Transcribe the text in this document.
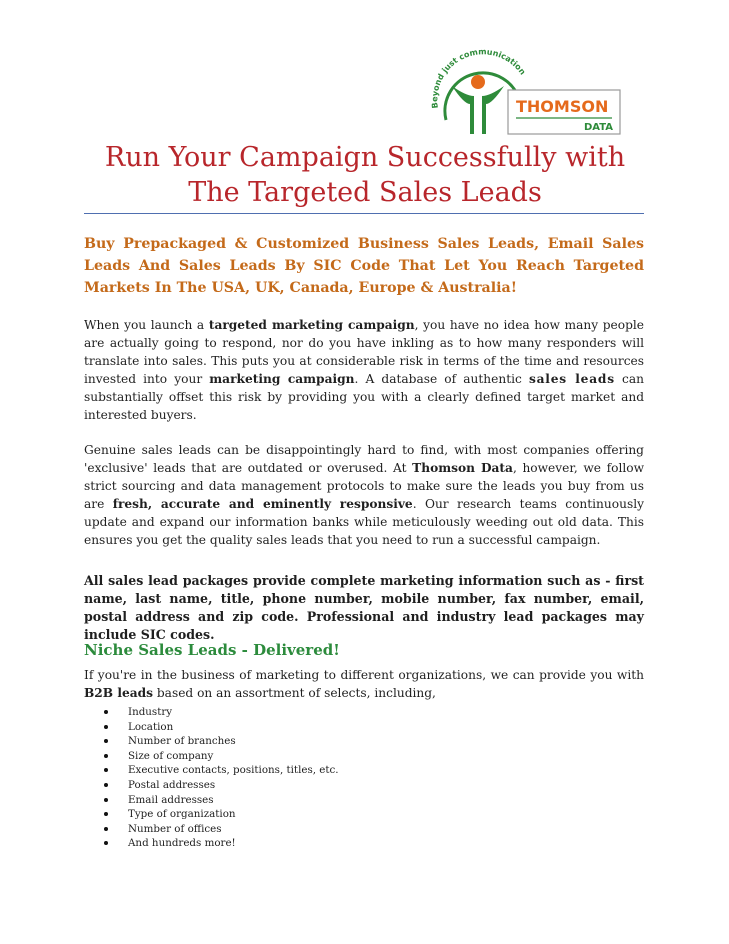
Beyond just communication
THOMSON
DATA
Run Your Campaign Successfully with
The Targeted Sales Leads
Buy Prepackaged & Customized Business Sales Leads, Email Sales Leads And Sales Leads By SIC Code That Let You Reach Targeted Markets In The USA, UK, Canada, Europe & Australia!
When you launch a targeted marketing campaign, you have no idea how many people are actually going to respond, nor do you have inkling as to how many responders will translate into sales. This puts you at considerable risk in terms of the time and resources invested into your marketing campaign. A database of authentic sales leads can substantially offset this risk by providing you with a clearly defined target market and interested buyers.
Genuine sales leads can be disappointingly hard to find, with most companies offering 'exclusive' leads that are outdated or overused. At Thomson Data, however, we follow strict sourcing and data management protocols to make sure the leads you buy from us are fresh, accurate and eminently responsive. Our research teams continuously update and expand our information banks while meticulously weeding out old data. This ensures you get the quality sales leads that you need to run a successful campaign.
All sales lead packages provide complete marketing information such as - first name, last name, title, phone number, mobile number, fax number, email, postal address and zip code. Professional and industry lead packages may include SIC codes.
Niche Sales Leads - Delivered!
If you're in the business of marketing to different organizations, we can provide you with B2B leads based on an assortment of selects, including,
Industry
Location
Number of branches
Size of company
Executive contacts, positions, titles, etc.
Postal addresses
Email addresses
Type of organization
Number of offices
And hundreds more!
